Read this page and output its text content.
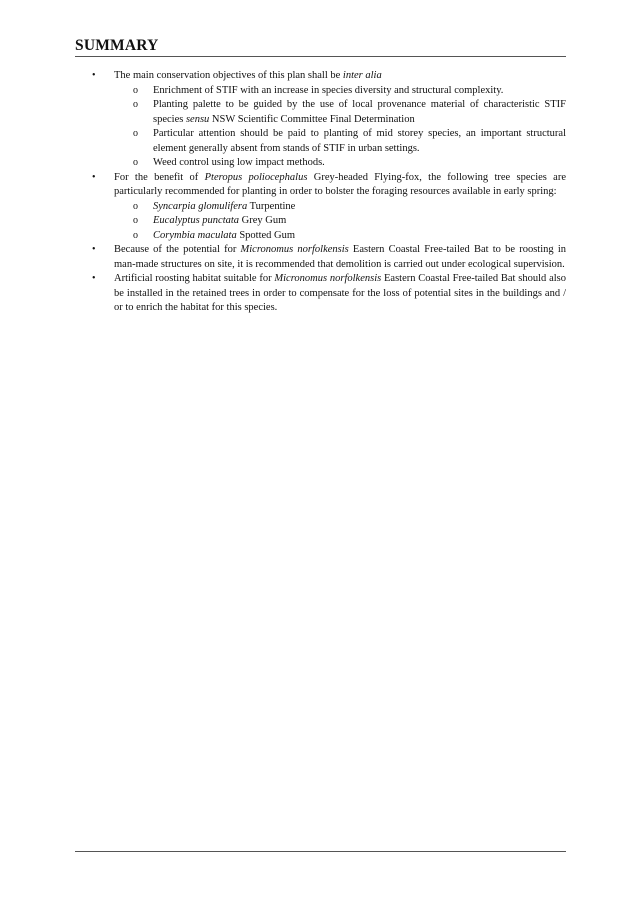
SUMMARY
• The main conservation objectives of this plan shall be inter alia
o Enrichment of STIF with an increase in species diversity and structural complexity.
o Planting palette to be guided by the use of local provenance material of characteristic STIF species sensu NSW Scientific Committee Final Determination
o Particular attention should be paid to planting of mid storey species, an important structural element generally absent from stands of STIF in urban settings.
o Weed control using low impact methods.
• For the benefit of Pteropus poliocephalus Grey-headed Flying-fox, the following tree species are particularly recommended for planting in order to bolster the foraging resources available in early spring:
o Syncarpia glomulifera Turpentine
o Eucalyptus punctata Grey Gum
o Corymbia maculata Spotted Gum
• Because of the potential for Micronomus norfolkensis Eastern Coastal Free-tailed Bat to be roosting in man-made structures on site, it is recommended that demolition is carried out under ecological supervision.
• Artificial roosting habitat suitable for Micronomus norfolkensis Eastern Coastal Free-tailed Bat should also be installed in the retained trees in order to compensate for the loss of potential sites in the buildings and / or to enrich the habitat for this species.
